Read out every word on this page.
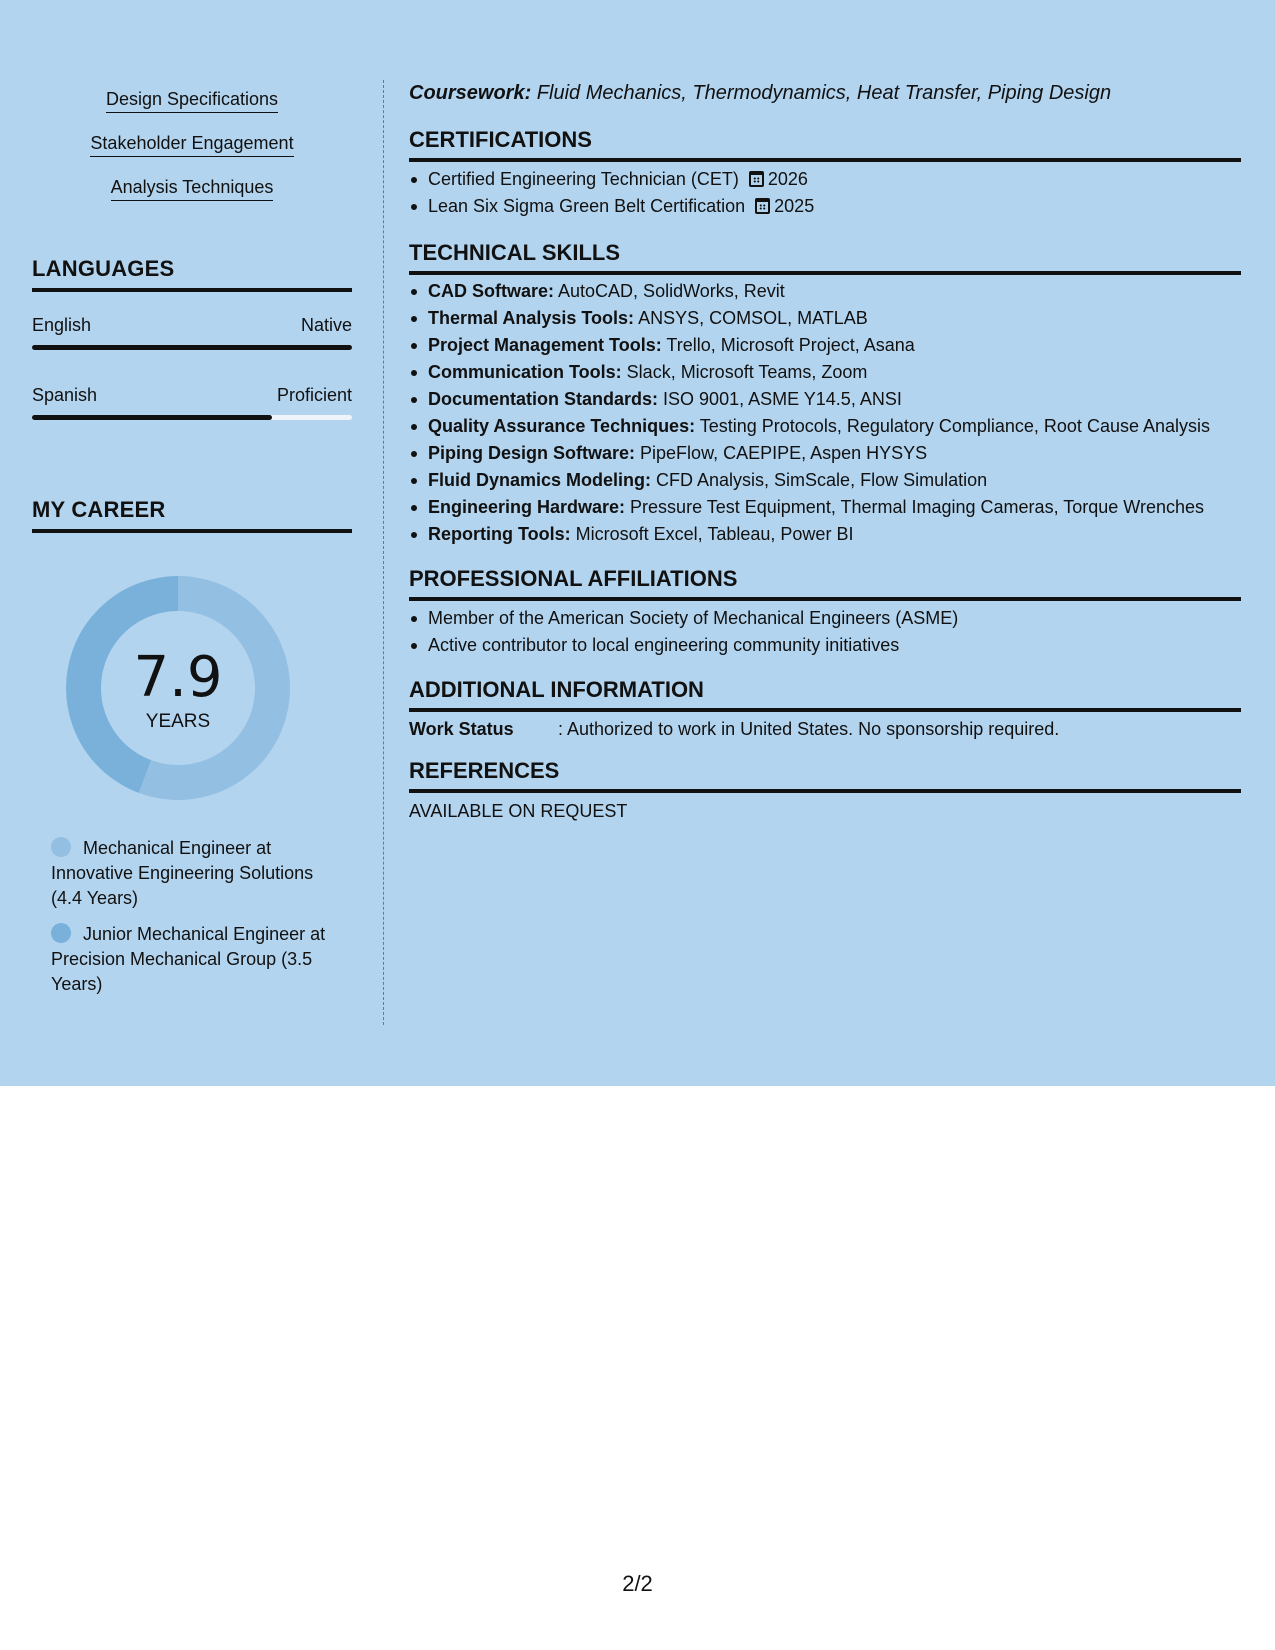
Design Specifications
Stakeholder Engagement
Analysis Techniques
LANGUAGES
English	Native
Spanish	Proficient
MY CAREER
7.9
YEARS
Mechanical Engineer at Innovative Engineering Solutions (4.4 Years)
Junior Mechanical Engineer at Precision Mechanical Group (3.5 Years)
Coursework: Fluid Mechanics, Thermodynamics, Heat Transfer, Piping Design
CERTIFICATIONS
Certified Engineering Technician (CET) 2026
Lean Six Sigma Green Belt Certification 2025
TECHNICAL SKILLS
CAD Software: AutoCAD, SolidWorks, Revit
Thermal Analysis Tools: ANSYS, COMSOL, MATLAB
Project Management Tools: Trello, Microsoft Project, Asana
Communication Tools: Slack, Microsoft Teams, Zoom
Documentation Standards: ISO 9001, ASME Y14.5, ANSI
Quality Assurance Techniques: Testing Protocols, Regulatory Compliance, Root Cause Analysis
Piping Design Software: PipeFlow, CAEPIPE, Aspen HYSYS
Fluid Dynamics Modeling: CFD Analysis, SimScale, Flow Simulation
Engineering Hardware: Pressure Test Equipment, Thermal Imaging Cameras, Torque Wrenches
Reporting Tools: Microsoft Excel, Tableau, Power BI
PROFESSIONAL AFFILIATIONS
Member of the American Society of Mechanical Engineers (ASME)
Active contributor to local engineering community initiatives
ADDITIONAL INFORMATION
Work Status	: Authorized to work in United States. No sponsorship required.
REFERENCES
AVAILABLE ON REQUEST
2/2
